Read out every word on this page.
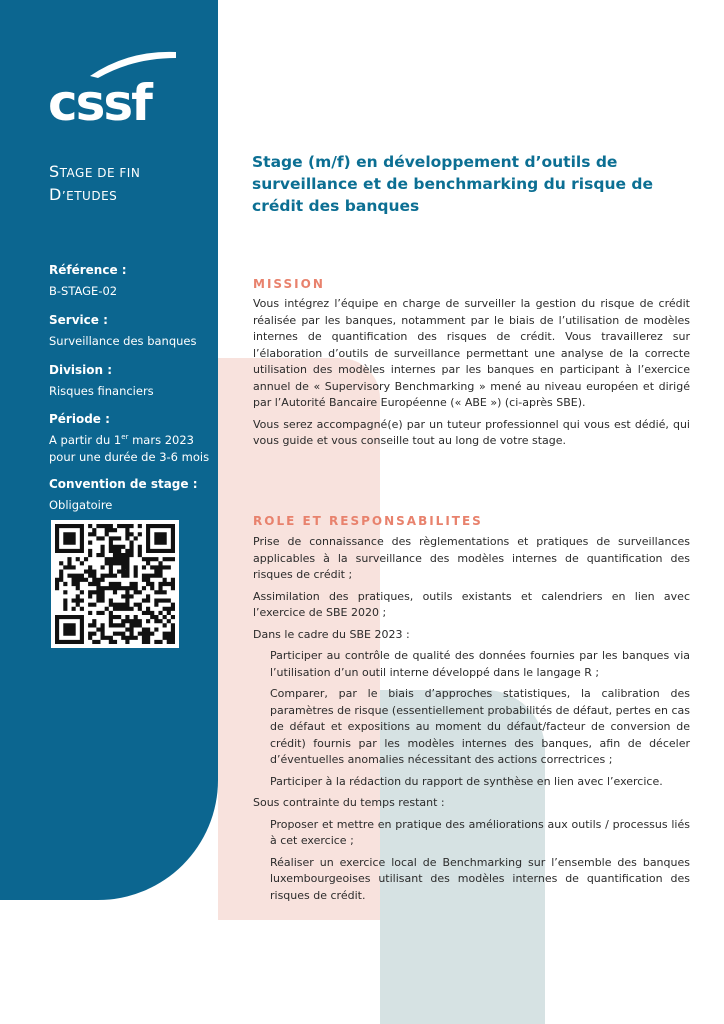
cssf
STAGE DE FIN
D’ETUDES
Référence :
B-STAGE-02
Service :
Surveillance des banques
Division :
Risques financiers
Période :
A partir du 1er mars 2023
pour une durée de 3-6 mois
Convention de stage :
Obligatoire
Stage (m/f) en développement d’outils de surveillance et de benchmarking du risque de crédit des banques
MISSION

Vous intégrez l’équipe en charge de surveiller la gestion du risque de crédit réalisée par les banques, notamment par le biais de l’utilisation de modèles internes de quantification des risques de crédit. Vous travaillerez sur l’élaboration d’outils de surveillance permettant une analyse de la correcte utilisation des modèles internes par les banques en participant à l’exercice annuel de « Supervisory Benchmarking » mené au niveau européen et dirigé par l’Autorité Bancaire Européenne (« ABE ») (ci-après SBE).

Vous serez accompagné(e) par un tuteur professionnel qui vous est dédié, qui vous guide et vous conseille tout au long de votre stage.

ROLE ET RESPONSABILITES

Prise de connaissance des règlementations et pratiques de surveillances applicables à la surveillance des modèles internes de quantification des risques de crédit ;

Assimilation des pratiques, outils existants et calendriers en lien avec l’exercice de SBE 2020 ;

Dans le cadre du SBE 2023 :

Participer au contrôle de qualité des données fournies par les banques via l’utilisation d’un outil interne développé dans le langage R ;

Comparer, par le biais d’approches statistiques, la calibration des paramètres de risque (essentiellement probabilités de défaut, pertes en cas de défaut et expositions au moment du défaut/facteur de conversion de crédit) fournis par les modèles internes des banques, afin de déceler d’éventuelles anomalies nécessitant des actions correctrices ;

Participer à la rédaction du rapport de synthèse en lien avec l’exercice.

Sous contrainte du temps restant :

Proposer et mettre en pratique des améliorations aux outils / processus liés à cet exercice ;

Réaliser un exercice local de Benchmarking sur l’ensemble des banques luxembourgeoises utilisant des modèles internes de quantification des risques de crédit.
